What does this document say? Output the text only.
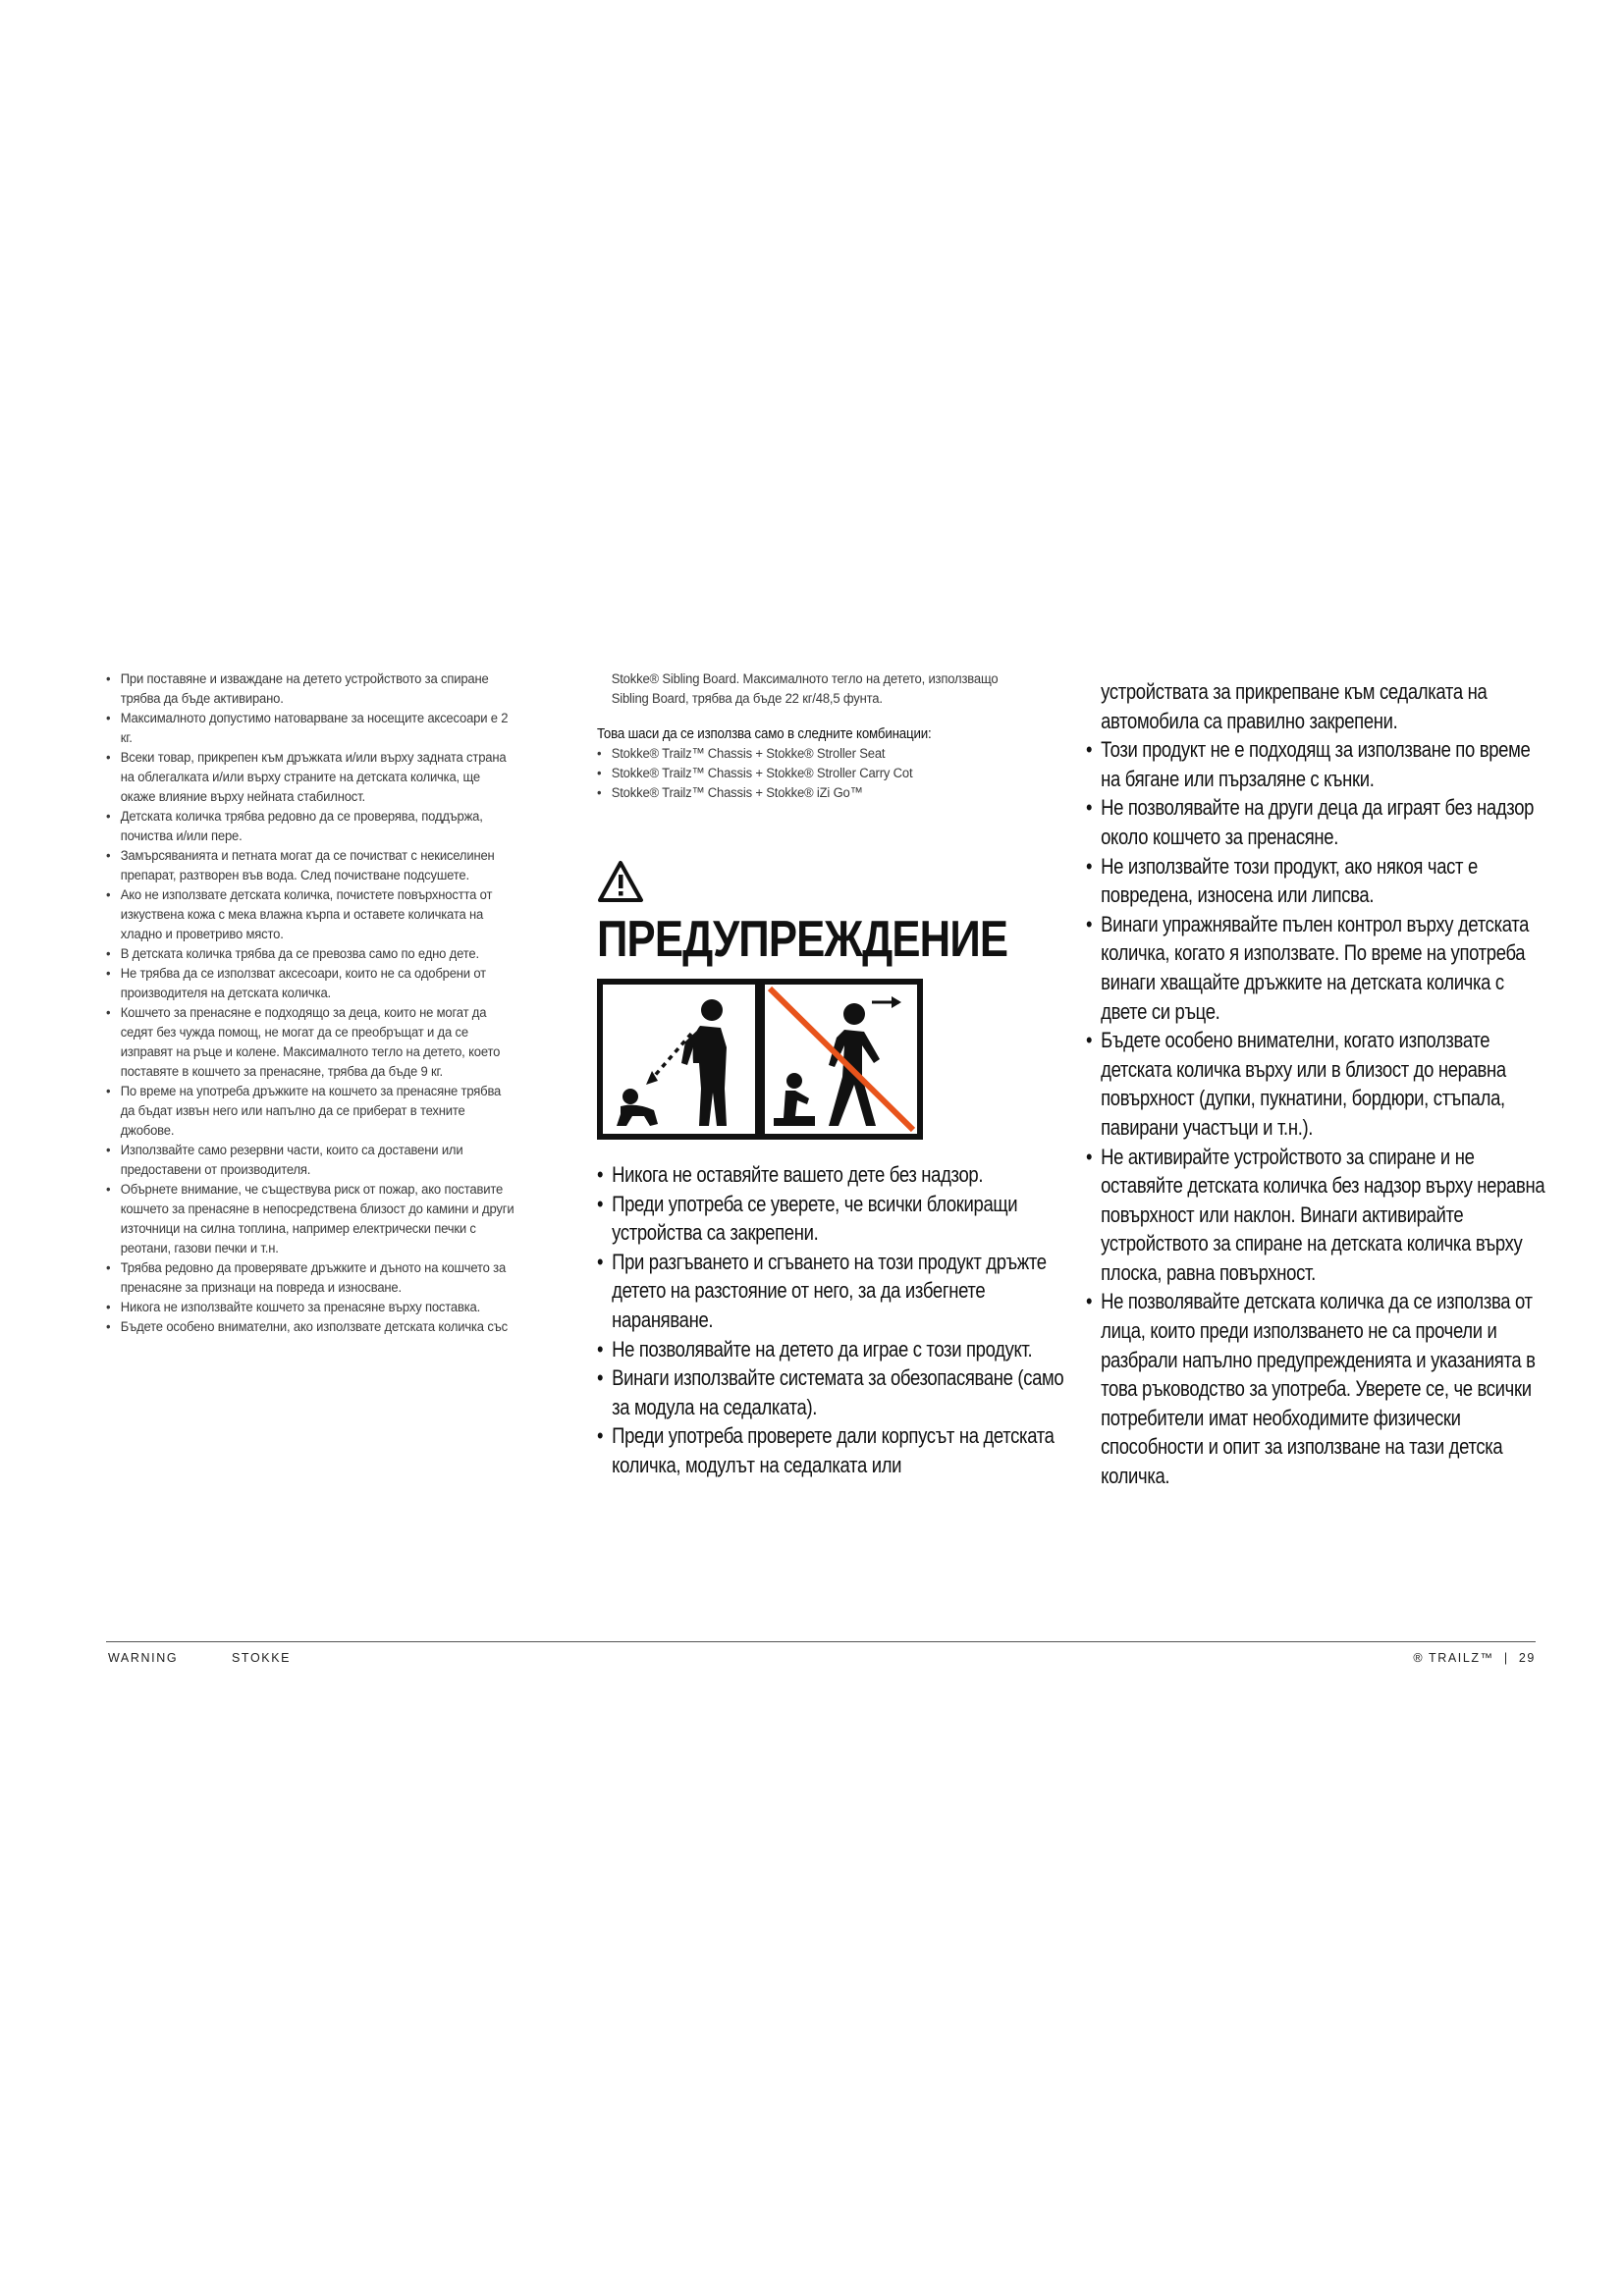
• При поставяне и изваждане на детето устройството за спиране трябва да бъде активирано.
• Максималното допустимо натоварване за носещите аксесоари е 2 кг.
• Всеки товар, прикрепен към дръжката и/или върху задната страна на облегалката и/или върху страните на детската количка, ще окаже влияние върху нейната стабилност.
• Детската количка трябва редовно да се проверява, поддържа, почиства и/или пере.
• Замърсяванията и петната могат да се почистват с некиселинен препарат, разтворен във вода. След почистване подсушете.
• Ако не използвате детската количка, почистете повърхността от изкуствена кожа с мека влажна кърпа и оставете количката на хладно и проветриво място.
• В детската количка трябва да се превозва само по едно дете.
• Не трябва да се използват аксесоари, които не са одобрени от производителя на детската количка.
• Кошчето за пренасяне е подходящо за деца, които не могат да седят без чужда помощ, не могат да се преобръщат и да се изправят на ръце и колене. Максималното тегло на детето, което поставяте в кошчето за пренасяне, трябва да бъде 9 кг.
• По време на употреба дръжките на кошчето за пренасяне трябва да бъдат извън него или напълно да се приберат в техните джобове.
• Използвайте само резервни части, които са доставени или предоставени от производителя.
• Обърнете внимание, че съществува риск от пожар, ако поставите кошчето за пренасяне в непосредствена близост до камини и други източници на силна топлина, например електрически печки с реотани, газови печки и т.н.
• Трябва редовно да проверявате дръжките и дъното на кошчето за пренасяне за признаци на повреда и износване.
• Никога не използвайте кошчето за пренасяне върху поставка.
• Бъдете особено внимателни, ако използвате детската количка със
Stokke® Sibling Board. Максималното тегло на детето, използващо Sibling Board, трябва да бъде 22 кг/48,5 фунта.
Това шаси да се използва само в следните комбинации:
• Stokke® Trailz™ Chassis + Stokke® Stroller Seat
• Stokke® Trailz™ Chassis + Stokke® Stroller Carry Cot
• Stokke® Trailz™ Chassis + Stokke® iZi Go™
ПРЕДУПРЕЖДЕНИЕ
• Никога не оставяйте вашето дете без надзор.
• Преди употреба се уверете, че всички блокиращи устройства са закрепени.
• При разгъването и сгъването на този продукт дръжте детето на разстояние от него, за да избегнете нараняване.
• Не позволявайте на детето да играе с този продукт.
• Винаги използвайте системата за обезопасяване (само за модула на седалката).
• Преди употреба проверете дали корпусът на детската количка, модулът на седалката или
устройствата за прикрепване към седалката на автомобила са правилно закрепени.
• Този продукт не е подходящ за използване по време на бягане или пързаляне с кънки.
• Не позволявайте на други деца да играят без надзор около кошчето за пренасяне.
• Не използвайте този продукт, ако някоя част е повредена, износена или липсва.
• Винаги упражнявайте пълен контрол върху детската количка, когато я използвате. По време на употреба винаги хващайте дръжките на детската количка с двете си ръце.
• Бъдете особено внимателни, когато използвате детската количка върху или в близост до неравна повърхност (дупки, пукнатини, бордюри, стъпала, павирани участъци и т.н.).
• Не активирайте устройството за спиране и не оставяйте детската количка без надзор върху неравна повърхност или наклон. Винаги активирайте устройството за спиране на детската количка върху плоска, равна повърхност.
• Не позволявайте детската количка да се използва от лица, които преди използването не са прочели и разбрали напълно предупрежденията и указанията в това ръководство за употреба. Уверете се, че всички потребители имат необходимите физически способности и опит за използване на тази детска количка.
WARNING	STOKKE	® TRAILZ™  |  29
